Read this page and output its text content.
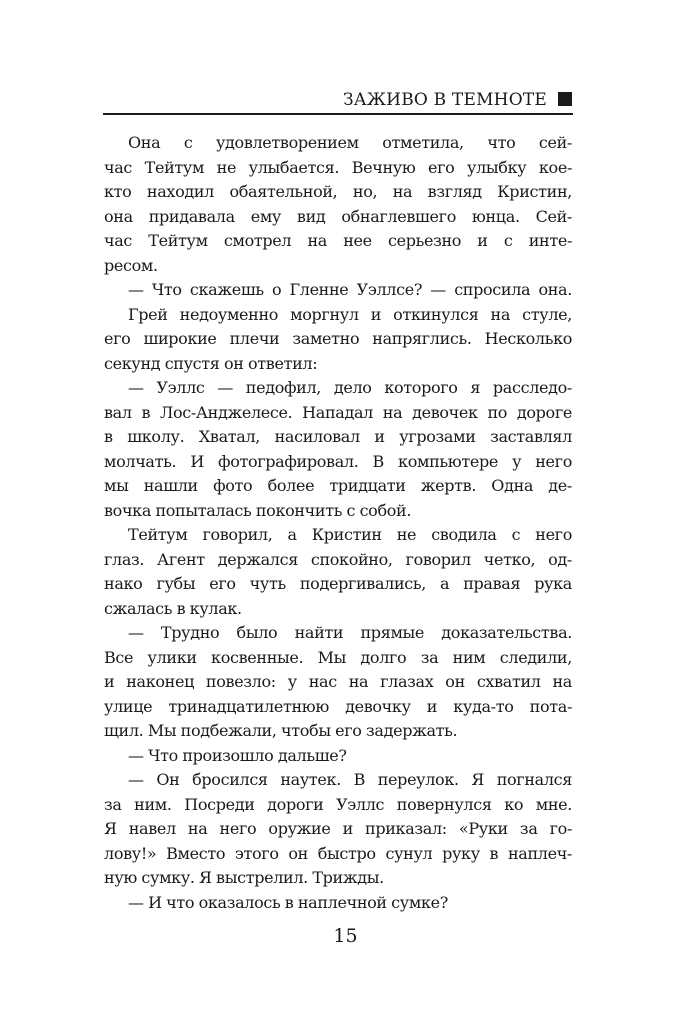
ЗАЖИВО В ТЕМНОТЕ
Она с удовлетворением отметила, что сей-
час Тейтум не улыбается. Вечную его улыбку кое-
кто находил обаятельной, но, на взгляд Кристин,
она придавала ему вид обнаглевшего юнца. Сей-
час Тейтум смотрел на нее серьезно и с инте-
ресом.
— Что скажешь о Гленне Уэллсе? — спросила она.
Грей недоуменно моргнул и откинулся на стуле,
его широкие плечи заметно напряглись. Несколько
секунд спустя он ответил:
— Уэллс — педофил, дело которого я расследо-
вал в Лос-Анджелесе. Нападал на девочек по дороге
в школу. Хватал, насиловал и угрозами заставлял
молчать. И фотографировал. В компьютере у него
мы нашли фото более тридцати жертв. Одна де-
вочка попыталась покончить с собой.
Тейтум говорил, а Кристин не сводила с него
глаз. Агент держался спокойно, говорил четко, од-
нако губы его чуть подергивались, а правая рука
сжалась в кулак.
— Трудно было найти прямые доказательства.
Все улики косвенные. Мы долго за ним следили,
и наконец повезло: у нас на глазах он схватил на
улице тринадцатилетнюю девочку и куда-то пота-
щил. Мы подбежали, чтобы его задержать.
— Что произошло дальше?
— Он бросился наутек. В переулок. Я погнался
за ним. Посреди дороги Уэллс повернулся ко мне.
Я навел на него оружие и приказал: «Руки за го-
лову!» Вместо этого он быстро сунул руку в наплеч-
ную сумку. Я выстрелил. Трижды.
— И что оказалось в наплечной сумке?
15
